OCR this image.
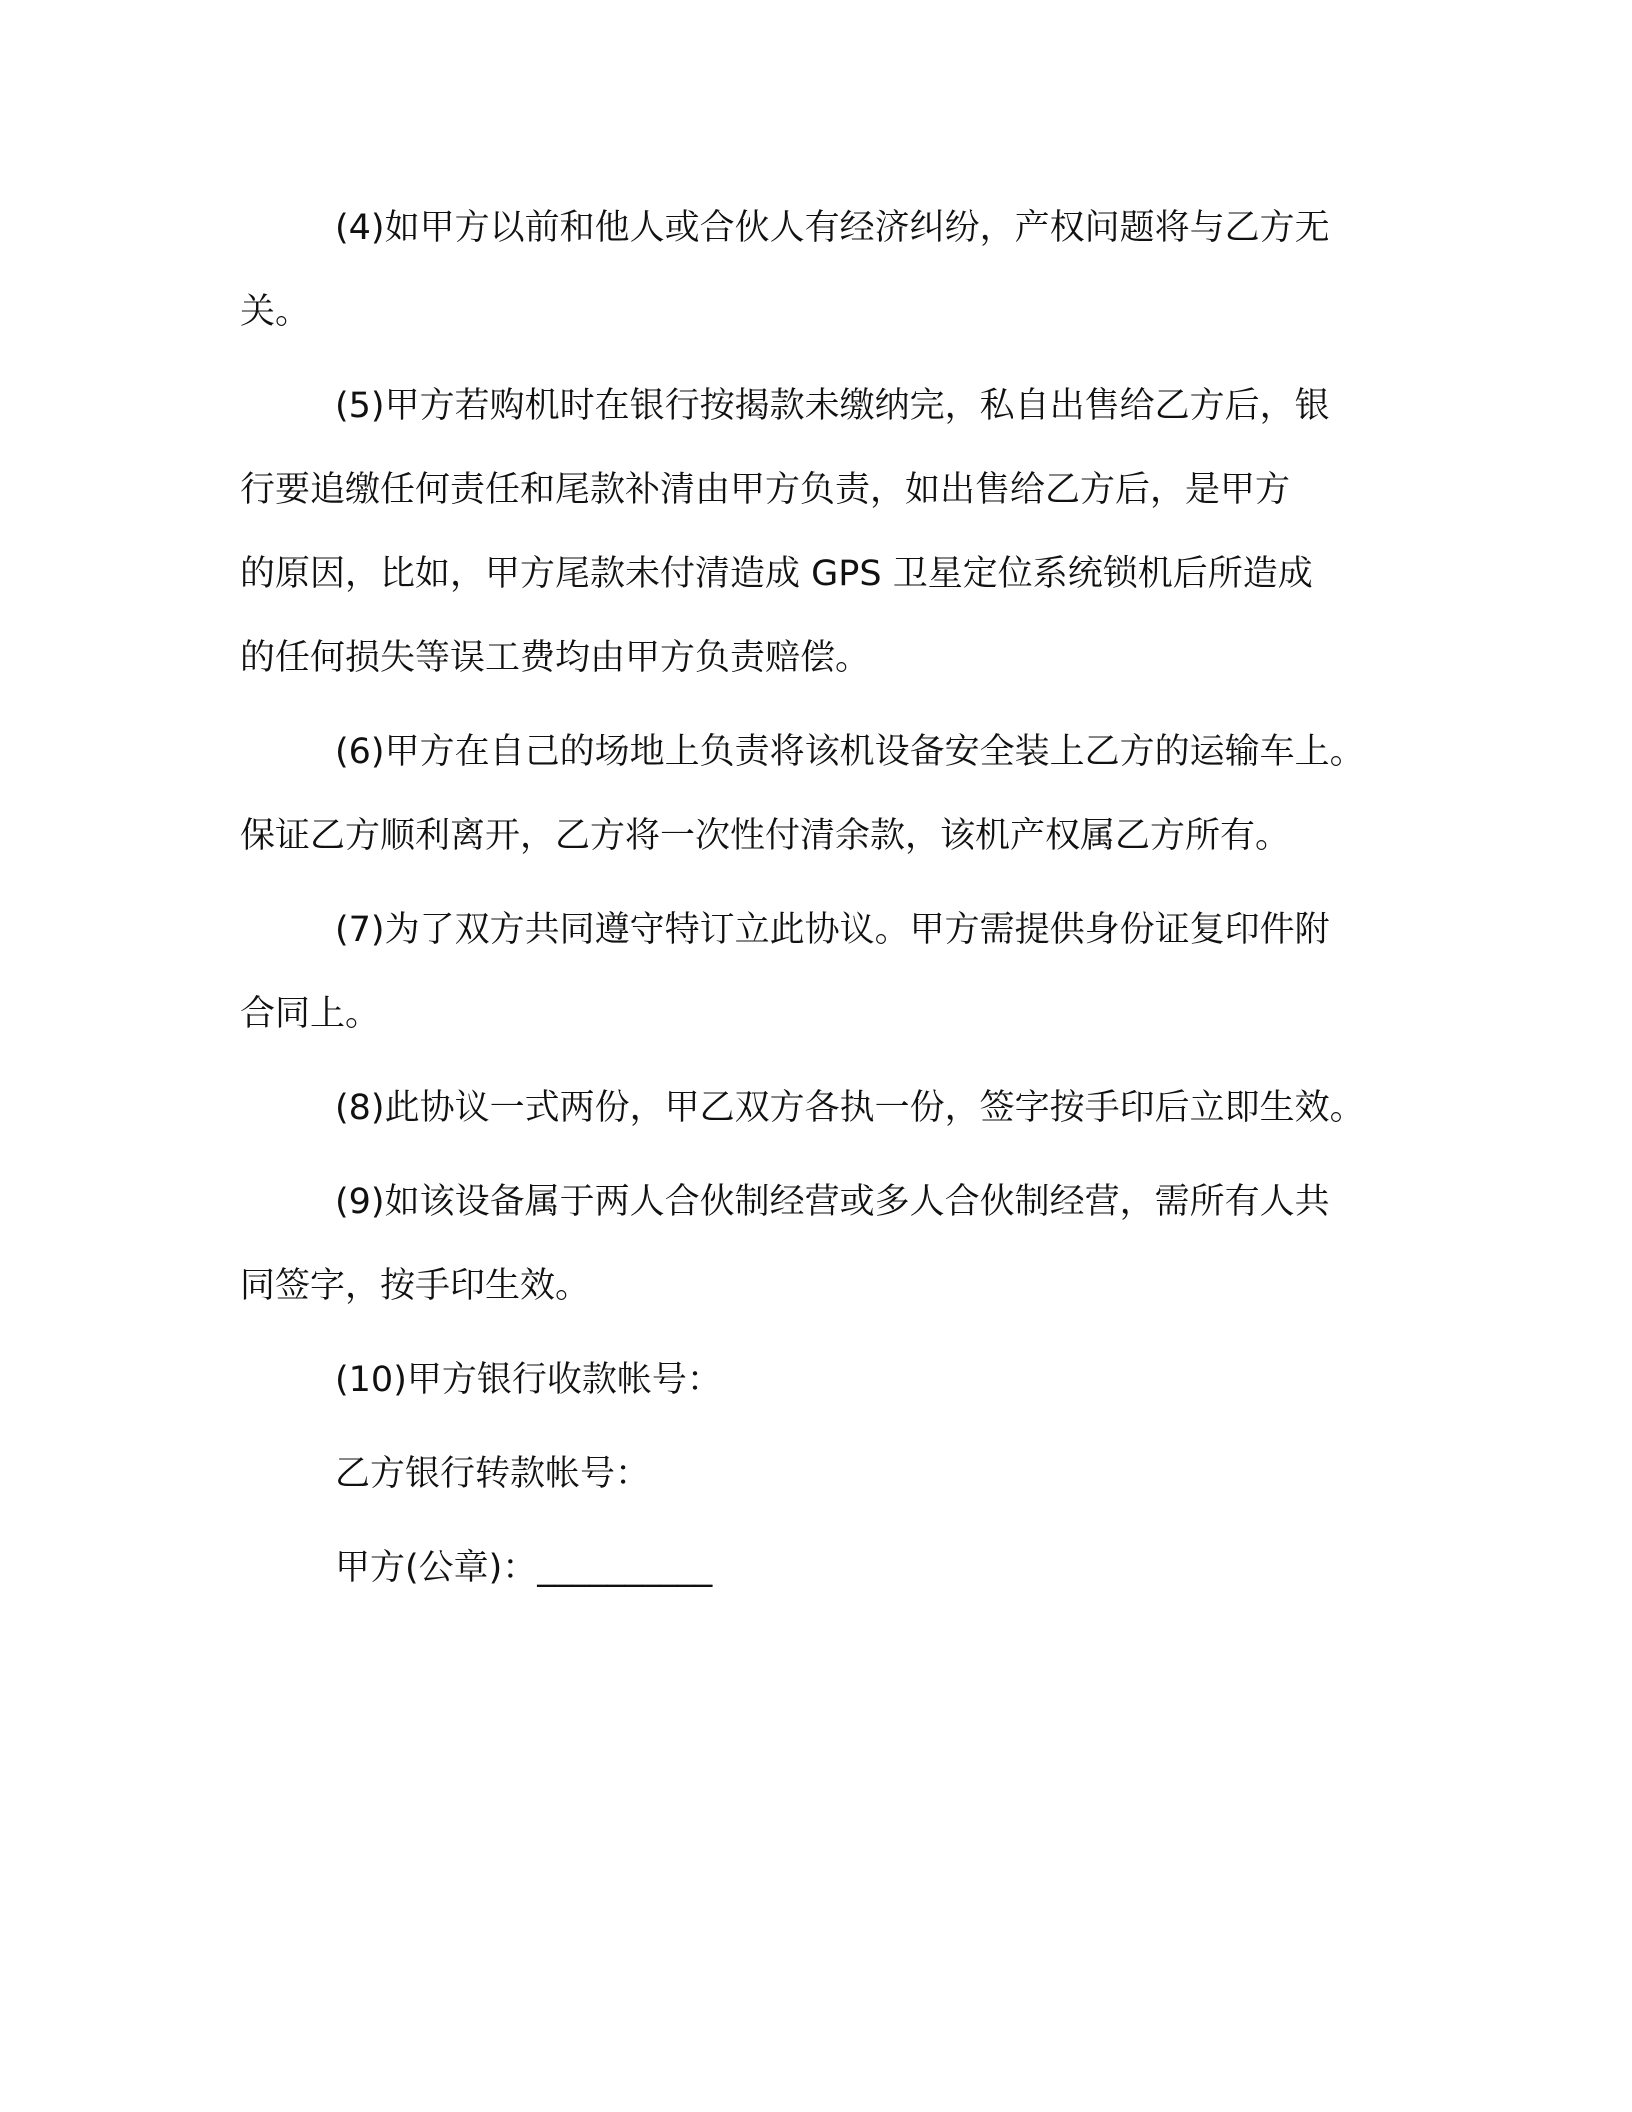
(4)如甲方以前和他人或合伙人有经济纠纷，产权问题将与乙方无
关。
(5)甲方若购机时在银行按揭款未缴纳完，私自出售给乙方后，银
行要追缴任何责任和尾款补清由甲方负责，如出售给乙方后，是甲方
的原因，比如，甲方尾款未付清造成 GPS 卫星定位系统锁机后所造成
的任何损失等误工费均由甲方负责赔偿。
(6)甲方在自己的场地上负责将该机设备安全装上乙方的运输车上。
保证乙方顺利离开，乙方将一次性付清余款，该机产权属乙方所有。
(7)为了双方共同遵守特订立此协议。甲方需提供身份证复印件附
合同上。
(8)此协议一式两份，甲乙双方各执一份，签字按手印后立即生效。
(9)如该设备属于两人合伙制经营或多人合伙制经营，需所有人共
同签字，按手印生效。
(10)甲方银行收款帐号：
乙方银行转款帐号：
甲方(公章)：__________
